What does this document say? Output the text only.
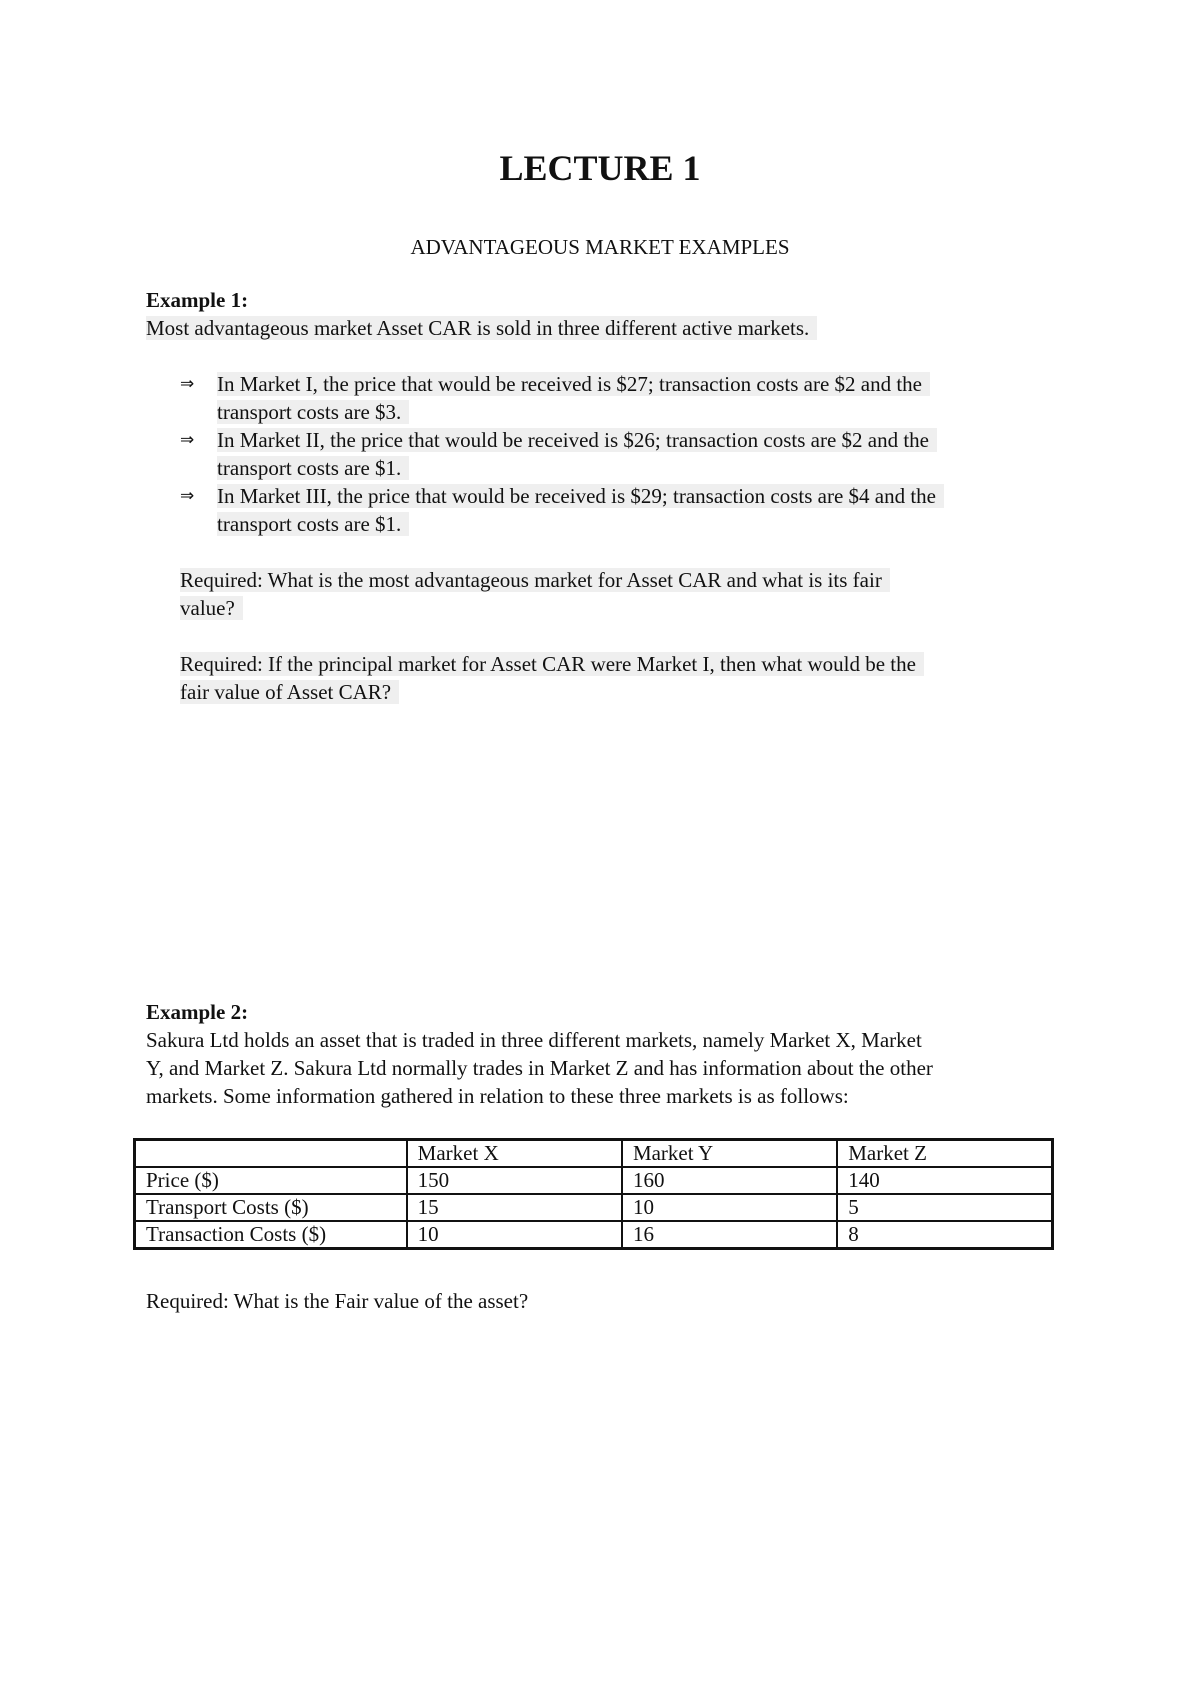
LECTURE 1
ADVANTAGEOUS MARKET EXAMPLES
Example 1:
Most advantageous market Asset CAR is sold in three different active markets.
⇒ In Market I, the price that would be received is $27; transaction costs are $2 and the
transport costs are $3.
⇒ In Market II, the price that would be received is $26; transaction costs are $2 and the
transport costs are $1.
⇒ In Market III, the price that would be received is $29; transaction costs are $4 and the
transport costs are $1.
Required: What is the most advantageous market for Asset CAR and what is its fair
value?
Required: If the principal market for Asset CAR were Market I, then what would be the
fair value of Asset CAR?
Example 2:
Sakura Ltd holds an asset that is traded in three different markets, namely Market X, Market
Y, and Market Z. Sakura Ltd normally trades in Market Z and has information about the other
markets. Some information gathered in relation to these three markets is as follows:
	Market X	Market Y	Market Z
Price ($)	150	160	140
Transport Costs ($)	15	10	5
Transaction Costs ($)	10	16	8
Required: What is the Fair value of the asset?
